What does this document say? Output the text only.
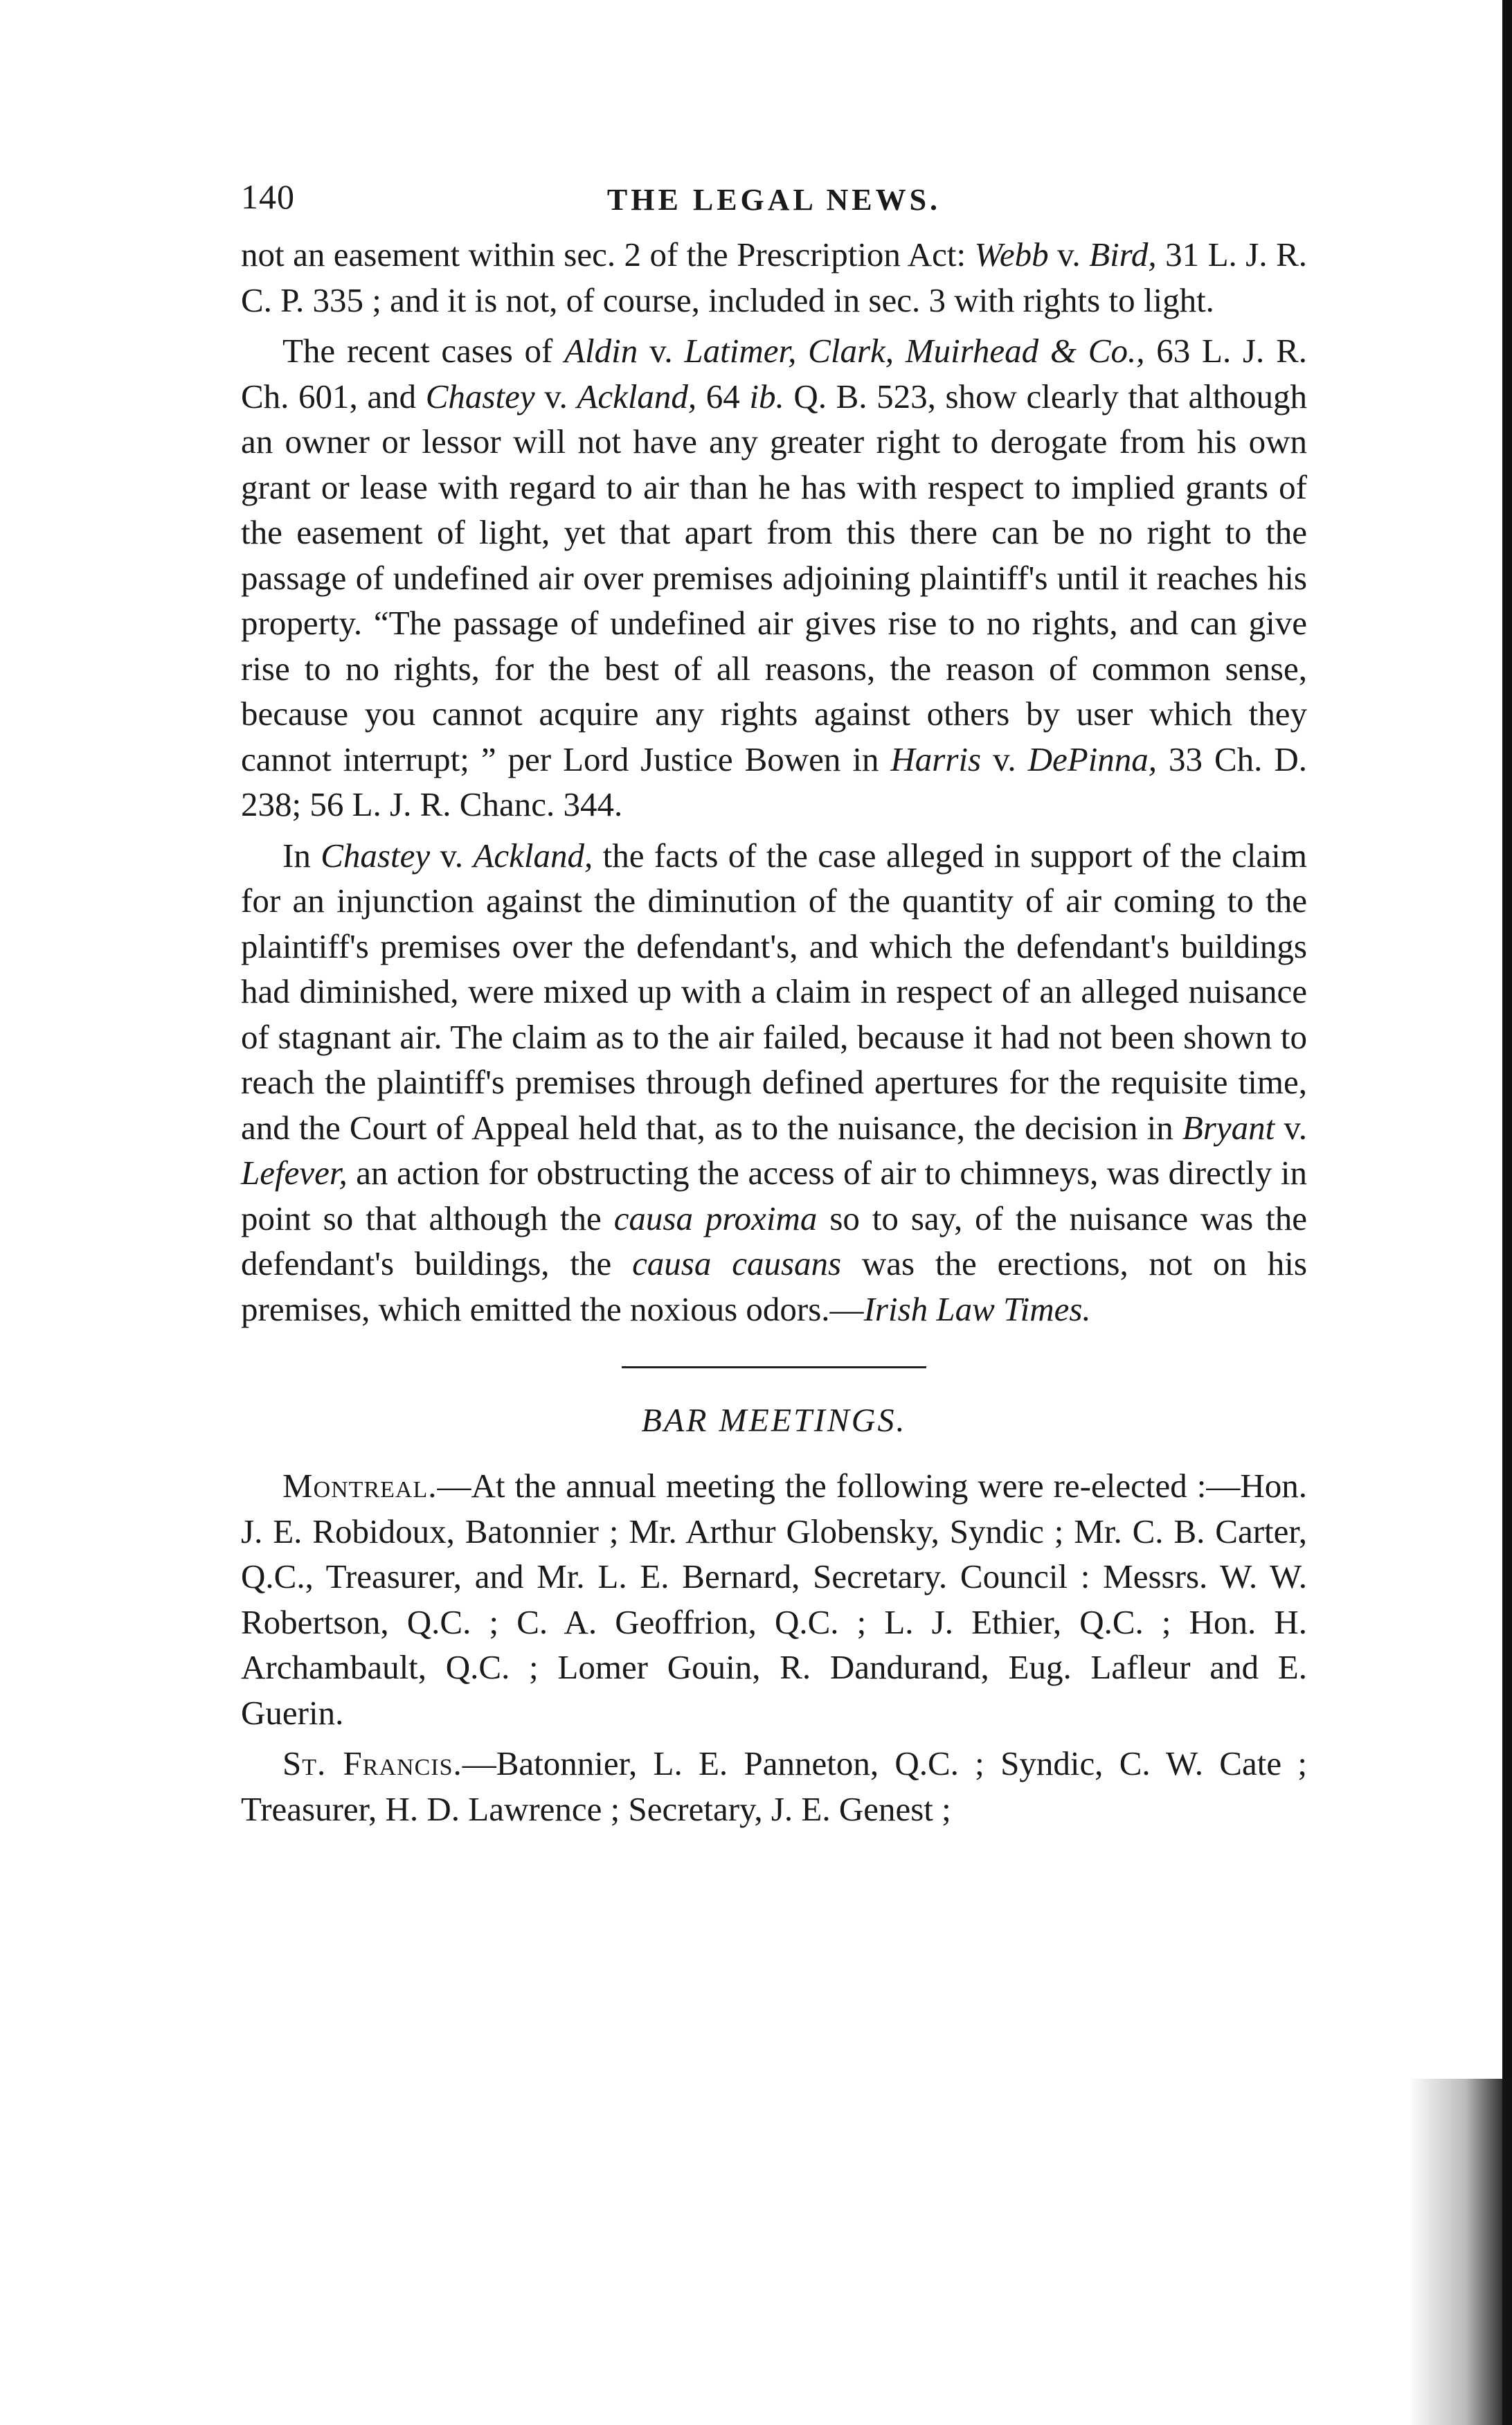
140	THE LEGAL NEWS.

not an easement within sec. 2 of the Prescription Act: Webb v. Bird, 31 L. J. R. C. P. 335 ; and it is not, of course, included in sec. 3 with rights to light.

The recent cases of Aldin v. Latimer, Clark, Muirhead & Co., 63 L. J. R. Ch. 601, and Chastey v. Ackland, 64 ib. Q. B. 523, show clearly that although an owner or lessor will not have any greater right to derogate from his own grant or lease with regard to air than he has with respect to implied grants of the easement of light, yet that apart from this there can be no right to the passage of undefined air over premises adjoining plaintiff's until it reaches his property. “The passage of undefined air gives rise to no rights, and can give rise to no rights, for the best of all reasons, the reason of common sense, because you cannot acquire any rights against others by user which they cannot interrupt; ” per Lord Justice Bowen in Harris v. DePinna, 33 Ch. D. 238; 56 L. J. R. Chanc. 344.

In Chastey v. Ackland, the facts of the case alleged in support of the claim for an injunction against the diminution of the quantity of air coming to the plaintiff's premises over the defendant's, and which the defendant's buildings had diminished, were mixed up with a claim in respect of an alleged nuisance of stagnant air. The claim as to the air failed, because it had not been shown to reach the plaintiff's premises through defined apertures for the requisite time, and the Court of Appeal held that, as to the nuisance, the decision in Bryant v. Lefever, an action for obstructing the access of air to chimneys, was directly in point so that although the causa proxima so to say, of the nuisance was the defendant's buildings, the causa causans was the erections, not on his premises, which emitted the noxious odors.—Irish Law Times.

BAR MEETINGS.

Montreal.—At the annual meeting the following were re-elected :—Hon. J. E. Robidoux, Batonnier ; Mr. Arthur Globensky, Syndic ; Mr. C. B. Carter, Q.C., Treasurer, and Mr. L. E. Bernard, Secretary. Council : Messrs. W. W. Robertson, Q.C. ; C. A. Geoffrion, Q.C. ; L. J. Ethier, Q.C. ; Hon. H. Archambault, Q.C. ; Lomer Gouin, R. Dandurand, Eug. Lafleur and E. Guerin.

St. Francis.—Batonnier, L. E. Panneton, Q.C. ; Syndic, C. W. Cate ; Treasurer, H. D. Lawrence ; Secretary, J. E. Genest ;
